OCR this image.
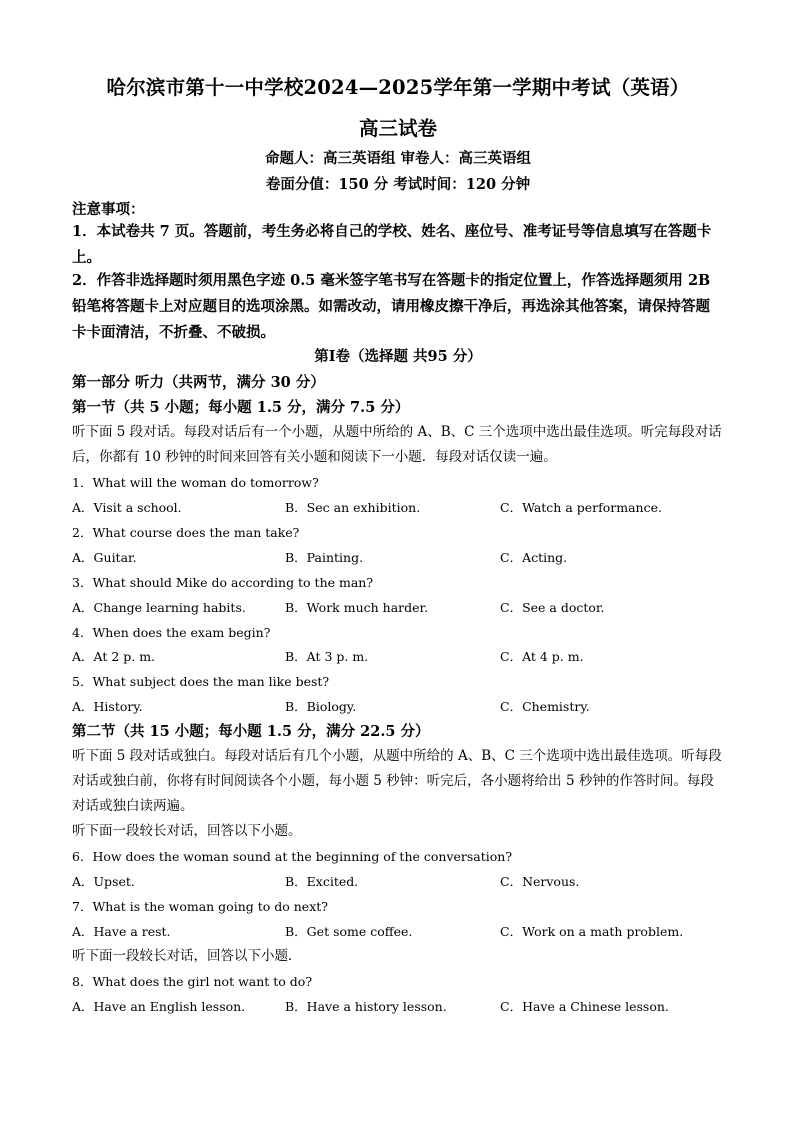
哈尔滨市第十一中学校2024—2025学年第一学期中考试（英语）
高三试卷
命题人：高三英语组 审卷人：高三英语组
卷面分值：150 分 考试时间：120 分钟
注意事项：
1．本试卷共 7 页。答题前，考生务必将自己的学校、姓名、座位号、准考证号等信息填写在答题卡上。
2．作答非选择题时须用黑色字迹 0.5 毫米签字笔书写在答题卡的指定位置上，作答选择题须用 2B 铅笔将答题卡上对应题目的选项涂黑。如需改动，请用橡皮擦干净后，再选涂其他答案，请保持答题卡卡面清洁，不折叠、不破损。
第Ⅰ卷（选择题 共95 分）
第一部分 听力（共两节，满分 30 分）
第一节（共 5 小题；每小题 1.5 分，满分 7.5 分）
听下面 5 段对话。每段对话后有一个小题，从题中所给的 A、B、C 三个选项中选出最佳选项。听完每段对话后，你都有 10 秒钟的时间来回答有关小题和阅读下一小题．每段对话仅读一遍。
1．What will the woman do tomorrow?
A．Visit a school.	B．Sec an exhibition.	C．Watch a performance.
2．What course does the man take?
A．Guitar.	B．Painting.	C．Acting.
3．What should Mike do according to the man?
A．Change learning habits.	B．Work much harder.	C．See a doctor.
4．When does the exam begin?
A．At 2 p. m.	B．At 3 p. m.	C．At 4 p. m.
5．What subject does the man like best?
A．History.	B．Biology.	C．Chemistry.
第二节（共 15 小题；每小题 1.5 分，满分 22.5 分）
听下面 5 段对话或独白。每段对话后有几个小题，从题中所给的 A、B、C 三个选项中选出最佳选项。听每段对话或独白前，你将有时间阅读各个小题，每小题 5 秒钟：听完后，各小题将给出 5 秒钟的作答时间。每段对话或独白读两遍。
听下面一段较长对话，回答以下小题。
6．How does the woman sound at the beginning of the conversation?
A．Upset.	B．Excited.	C．Nervous.
7．What is the woman going to do next?
A．Have a rest.	B．Get some coffee.	C．Work on a math problem.
听下面一段较长对话，回答以下小题．
8．What does the girl not want to do?
A．Have an English lesson.	B．Have a history lesson.	C．Have a Chinese lesson.
